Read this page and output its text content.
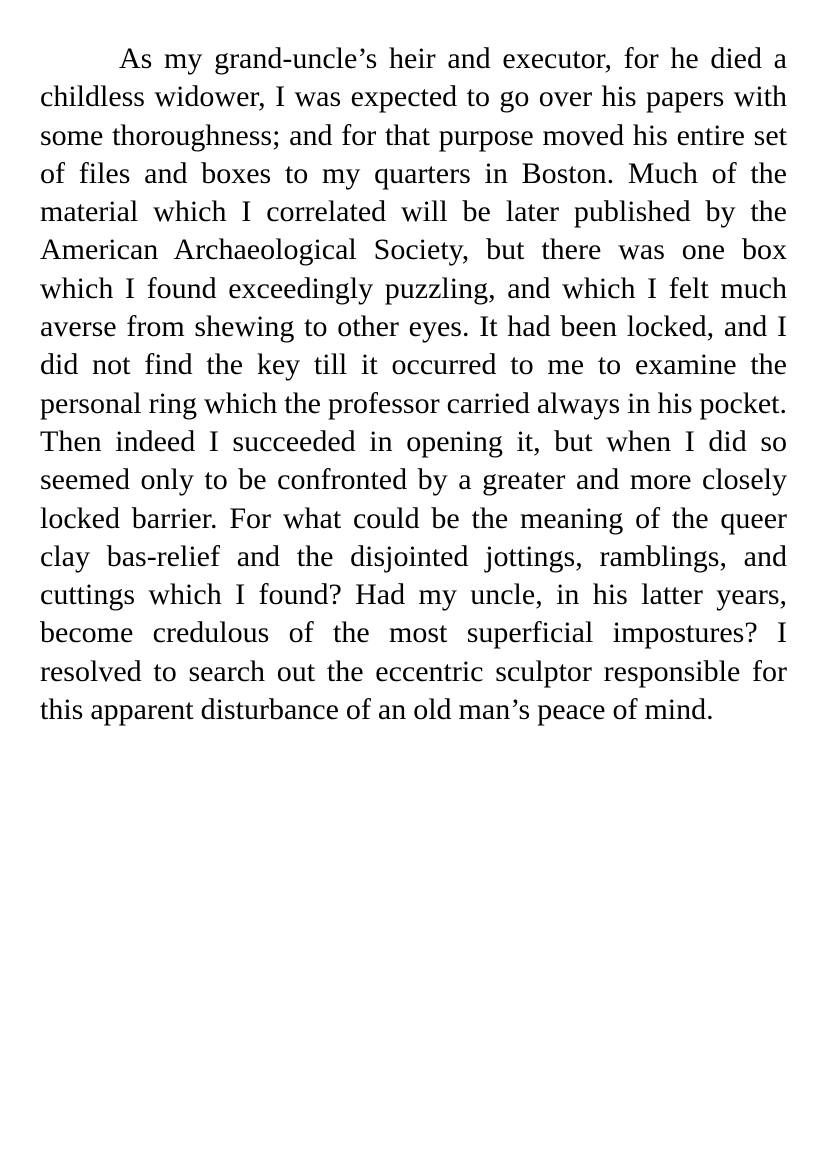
As my grand-uncle’s heir and executor, for he died a childless widower, I was expected to go over his papers with some thoroughness; and for that purpose moved his entire set of files and boxes to my quarters in Boston. Much of the material which I correlated will be later published by the American Archaeological Society, but there was one box which I found exceedingly puzzling, and which I felt much averse from shewing to other eyes. It had been locked, and I did not find the key till it occurred to me to examine the personal ring which the professor carried always in his pocket. Then indeed I succeeded in opening it, but when I did so seemed only to be confronted by a greater and more closely locked barrier. For what could be the meaning of the queer clay bas-relief and the disjointed jottings, ramblings, and cuttings which I found? Had my uncle, in his latter years, become credulous of the most superficial impostures? I resolved to search out the eccentric sculptor responsible for this apparent disturbance of an old man’s peace of mind.
